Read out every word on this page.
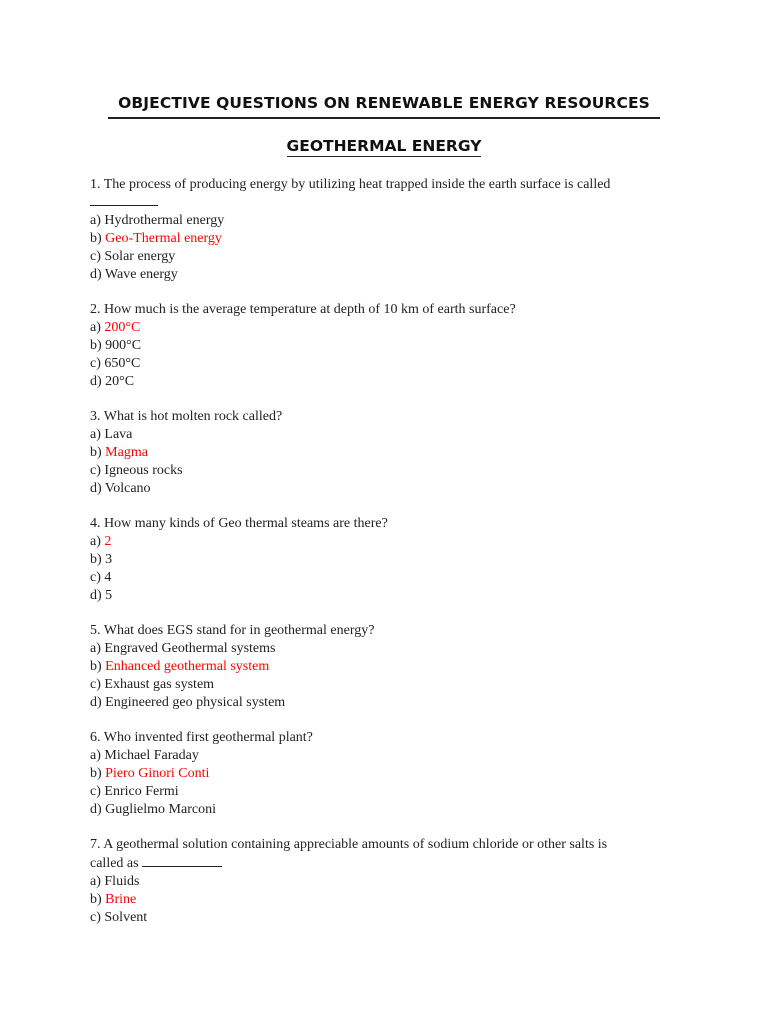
OBJECTIVE QUESTIONS ON RENEWABLE ENERGY RESOURCES
GEOTHERMAL ENERGY
1. The process of producing energy by utilizing heat trapped inside the earth surface is called
a) Hydrothermal energy
b) Geo-Thermal energy
c) Solar energy
d) Wave energy
2. How much is the average temperature at depth of 10 km of earth surface?
a) 200°C
b) 900°C
c) 650°C
d) 20°C
3. What is hot molten rock called?
a) Lava
b) Magma
c) Igneous rocks
d) Volcano
4. How many kinds of Geo thermal steams are there?
a) 2
b) 3
c) 4
d) 5
5. What does EGS stand for in geothermal energy?
a) Engraved Geothermal systems
b) Enhanced geothermal system
c) Exhaust gas system
d) Engineered geo physical system
6. Who invented first geothermal plant?
a) Michael Faraday
b) Piero Ginori Conti
c) Enrico Fermi
d) Guglielmo Marconi
7. A geothermal solution containing appreciable amounts of sodium chloride or other salts is
called as
a) Fluids
b) Brine
c) Solvent
